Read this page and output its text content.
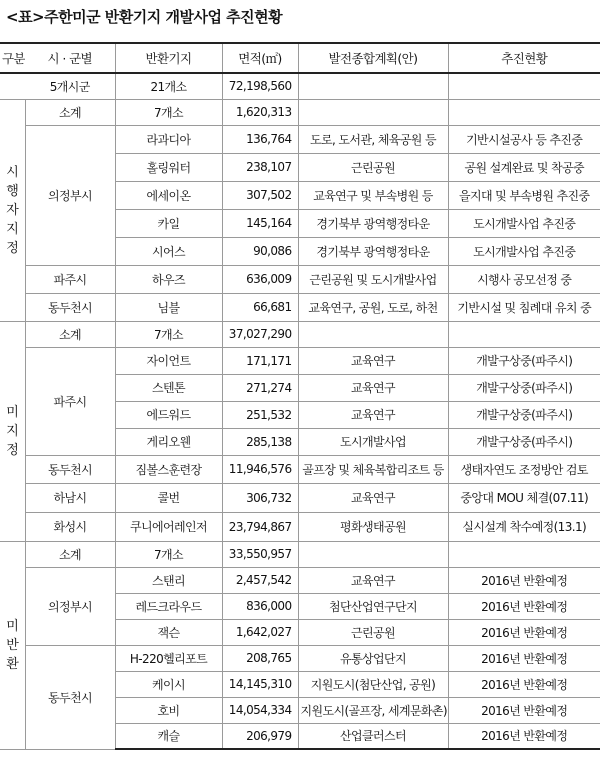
<표>주한미군 반환기지 개발사업 추진현황
구분	시 · 군별	반환기지	면적(㎡)	발전종합계획(안)	추진현황
	5개시군	21개소	72,198,560		
시
행
자
지
정	소계	7개소	1,620,313		
	의정부시	라과디아	136,764	도로, 도서관, 체육공원 등	기반시설공사 등 추진중
		홀링워터	238,107	근린공원	공원 설계완료 및 착공중
		에세이온	307,502	교육연구 및 부속병원 등	을지대 및 부속병원 추진중
		카일	145,164	경기북부 광역행정타운	도시개발사업 추진중
		시어스	90,086	경기북부 광역행정타운	도시개발사업 추진중
	파주시	하우즈	636,009	근린공원 및 도시개발사업	시행사 공모선정 중
	동두천시	님블	66,681	교육연구, 공원, 도로, 하천	기반시설 및 침례대 유치 중
미
지
정	소계	7개소	37,027,290		
	파주시	자이언트	171,171	교육연구	개발구상중(파주시)
		스텐톤	271,274	교육연구	개발구상중(파주시)
		에드워드	251,532	교육연구	개발구상중(파주시)
		게리오웬	285,138	도시개발사업	개발구상중(파주시)
	동두천시	짐볼스훈련장	11,946,576	골프장 및 체육복합리조트 등	생태자연도 조정방안 검토
	하남시	콜번	306,732	교육연구	중앙대 MOU 체결(07.11)
	화성시	쿠니에어레인저	23,794,867	평화생태공원	실시설계 착수예정(13.1)
미
반
환	소계	7개소	33,550,957		
	의정부시	스탠리	2,457,542	교육연구	2016년 반환예정
		레드크라우드	836,000	첨단산업연구단지	2016년 반환예정
		잭슨	1,642,027	근린공원	2016년 반환예정
	동두천시	H-220헬리포트	208,765	유통상업단지	2016년 반환예정
		케이시	14,145,310	지원도시(첨단산업, 공원)	2016년 반환예정
		호비	14,054,334	지원도시(골프장, 세계문화촌)	2016년 반환예정
		캐슬	206,979	산업클러스터	2016년 반환예정
